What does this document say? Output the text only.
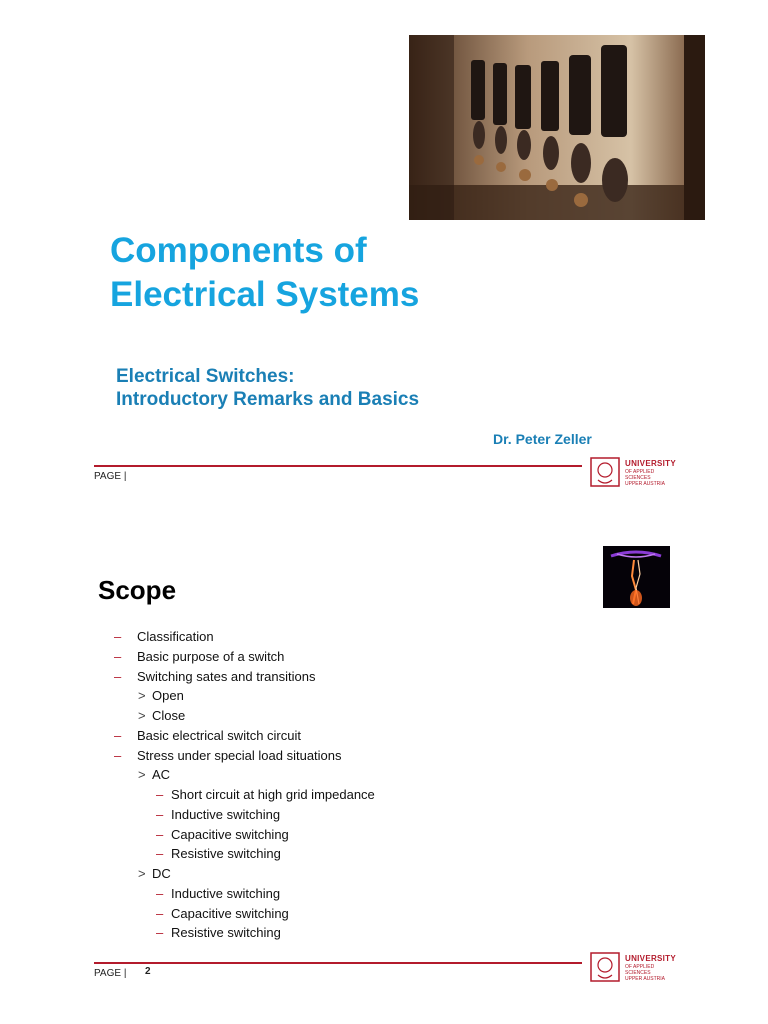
Components of
Electrical Systems

Electrical Switches:

Introductory Remarks and Basics

Dr. Peter Zeller

PAGE |
UNIVERSITY
OF APPLIED SCIENCES
UPPER AUSTRIA
Scope
– Classification
– Basic purpose of a switch
– Switching sates and transitions
> Open
> Close
– Basic electrical switch circuit
– Stress under special load situations
> AC
– Short circuit at high grid impedance
– Inductive switching
– Capacitive switching
– Resistive switching
> DC
– Inductive switching
– Capacitive switching
– Resistive switching
PAGE | 2
UNIVERSITY
OF APPLIED SCIENCES
UPPER AUSTRIA
